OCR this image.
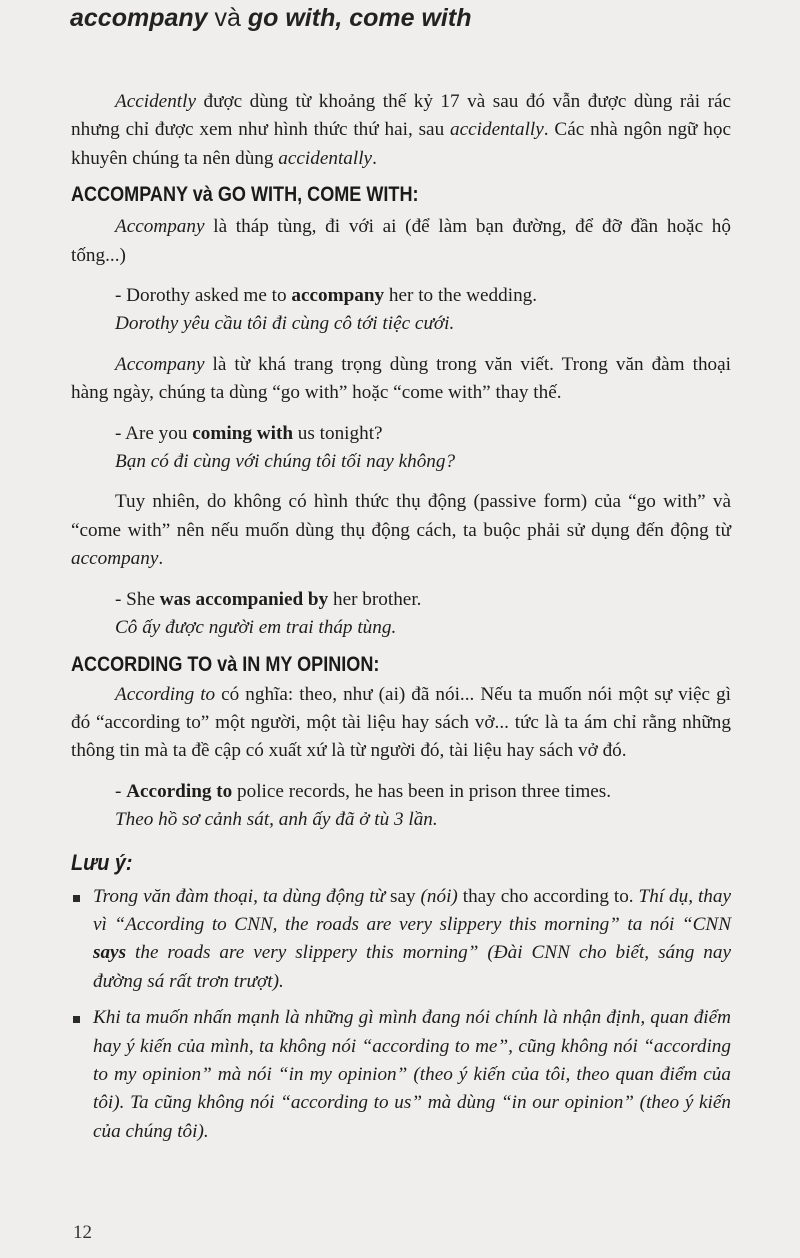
accompany và go with, come with

Accidently được dùng từ khoảng thế kỷ 17 và sau đó vẫn được dùng rải rác nhưng chỉ được xem như hình thức thứ hai, sau accidentally. Các nhà ngôn ngữ học khuyên chúng ta nên dùng accidentally.

ACCOMPANY và GO WITH, COME WITH:

Accompany là tháp tùng, đi với ai (để làm bạn đường, để đỡ đần hoặc hộ tống...)

- Dorothy asked me to accompany her to the wedding.

Dorothy yêu cầu tôi đi cùng cô tới tiệc cưới.

Accompany là từ khá trang trọng dùng trong văn viết. Trong văn đàm thoại hàng ngày, chúng ta dùng “go with” hoặc “come with” thay thế.

- Are you coming with us tonight?

Bạn có đi cùng với chúng tôi tối nay không?

Tuy nhiên, do không có hình thức thụ động (passive form) của “go with” và “come with” nên nếu muốn dùng thụ động cách, ta buộc phải sử dụng đến động từ accompany.

- She was accompanied by her brother.

Cô ấy được người em trai tháp tùng.

ACCORDING TO và IN MY OPINION:

According to có nghĩa: theo, như (ai) đã nói... Nếu ta muốn nói một sự việc gì đó “according to” một người, một tài liệu hay sách vở... tức là ta ám chỉ rằng những thông tin mà ta đề cập có xuất xứ là từ người đó, tài liệu hay sách vở đó.

- According to police records, he has been in prison three times.

Theo hồ sơ cảnh sát, anh ấy đã ở tù 3 lần.

Lưu ý:
Trong văn đàm thoại, ta dùng động từ say (nói) thay cho according to. Thí dụ, thay vì “According to CNN, the roads are very slippery this morning” ta nói “CNN says the roads are very slippery this morning” (Đài CNN cho biết, sáng nay đường sá rất trơn trượt).
Khi ta muốn nhấn mạnh là những gì mình đang nói chính là nhận định, quan điểm hay ý kiến của mình, ta không nói “according to me”, cũng không nói “according to my opinion” mà nói “in my opinion” (theo ý kiến của tôi, theo quan điểm của tôi). Ta cũng không nói “according to us” mà dùng “in our opinion” (theo ý kiến của chúng tôi).
12
